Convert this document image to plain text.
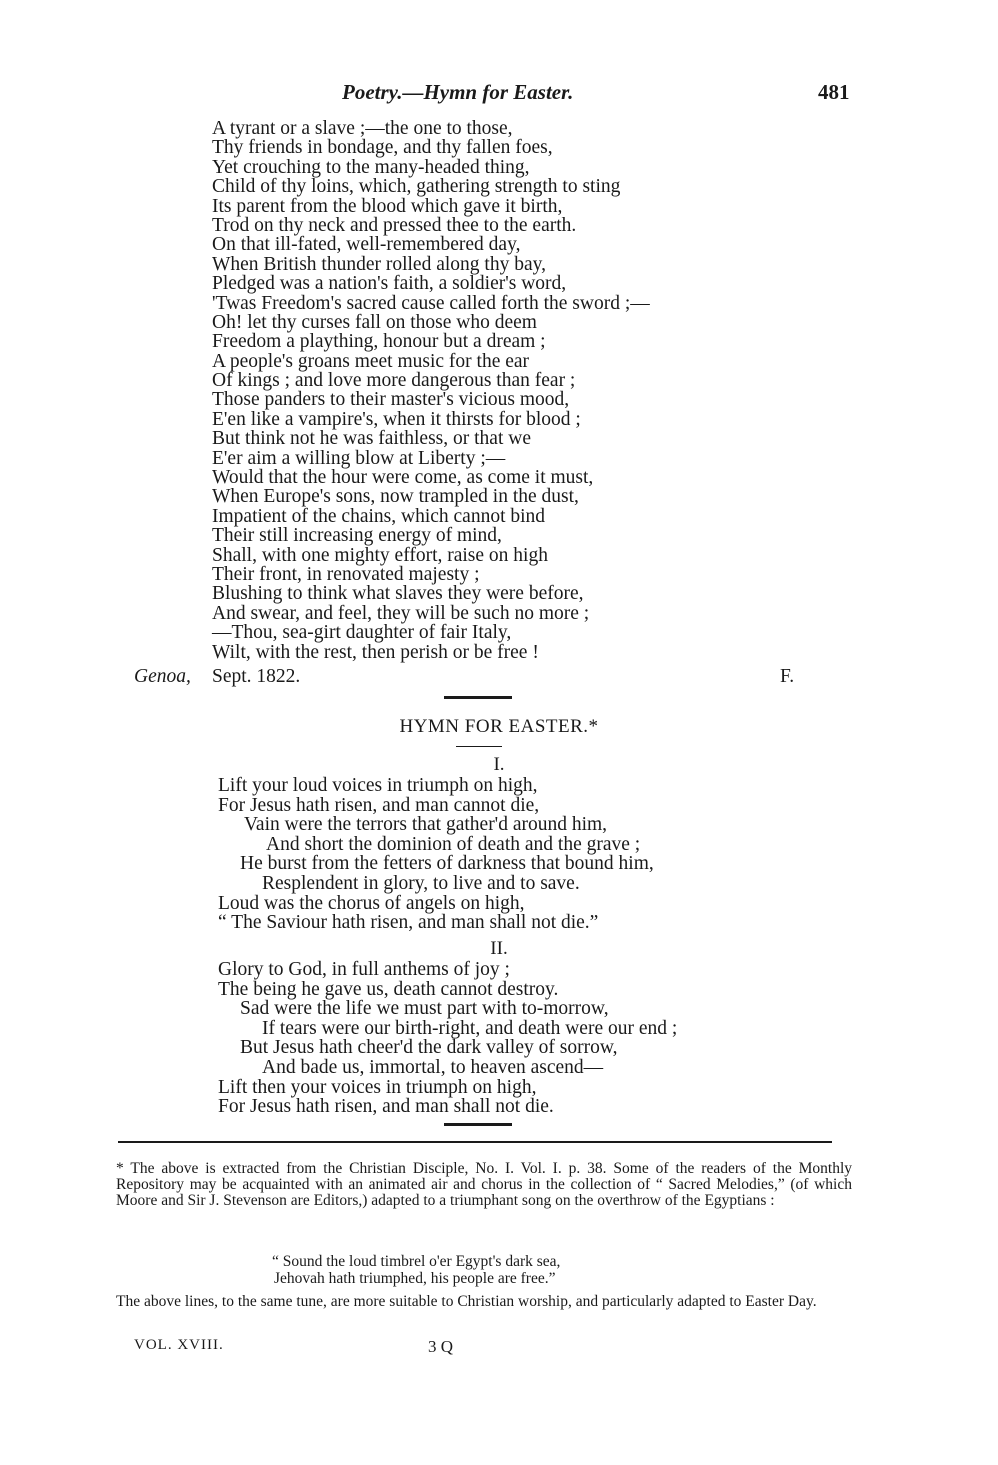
Poetry.—Hymn for Easter.	481
A tyrant or a slave ;—the one to those,
Thy friends in bondage, and thy fallen foes,
Yet crouching to the many-headed thing,
Child of thy loins, which, gathering strength to sting
Its parent from the blood which gave it birth,
Trod on thy neck and pressed thee to the earth.
On that ill-fated, well-remembered day,
When British thunder rolled along thy bay,
Pledged was a nation's faith, a soldier's word,
'Twas Freedom's sacred cause called forth the sword ;—
Oh! let thy curses fall on those who deem
Freedom a plaything, honour but a dream ;
A people's groans meet music for the ear
Of kings ; and love more dangerous than fear ;
Those panders to their master's vicious mood,
E'en like a vampire's, when it thirsts for blood ;
But think not he was faithless, or that we
E'er aim a willing blow at Liberty ;—
Would that the hour were come, as come it must,
When Europe's sons, now trampled in the dust,
Impatient of the chains, which cannot bind
Their still increasing energy of mind,
Shall, with one mighty effort, raise on high
Their front, in renovated majesty ;
Blushing to think what slaves they were before,
And swear, and feel, they will be such no more ;
—Thou, sea-girt daughter of fair Italy,
Wilt, with the rest, then perish or be free !
Genoa, Sept. 1822.	F.
HYMN FOR EASTER.*
I.
Lift your loud voices in triumph on high,
For Jesus hath risen, and man cannot die,
Vain were the terrors that gather'd around him,
And short the dominion of death and the grave ;
He burst from the fetters of darkness that bound him,
Resplendent in glory, to live and to save.
Loud was the chorus of angels on high,
“ The Saviour hath risen, and man shall not die.”
II.
Glory to God, in full anthems of joy ;
The being he gave us, death cannot destroy.
Sad were the life we must part with to-morrow,
If tears were our birth-right, and death were our end ;
But Jesus hath cheer'd the dark valley of sorrow,
And bade us, immortal, to heaven ascend—
Lift then your voices in triumph on high,
For Jesus hath risen, and man shall not die.

* The above is extracted from the Christian Disciple, No. I. Vol. I. p. 38. Some of the readers of the Monthly Repository may be acquainted with an animated air and chorus in the collection of “ Sacred Melodies,” (of which Moore and Sir J. Stevenson are Editors,) adapted to a triumphant song on the overthrow of the Egyptians :

“ Sound the loud timbrel o'er Egypt's dark sea,
Jehovah hath triumphed, his people are free.”
The above lines, to the same tune, are more suitable to Christian worship, and particularly adapted to Easter Day.
VOL. XVIII.	3 Q
